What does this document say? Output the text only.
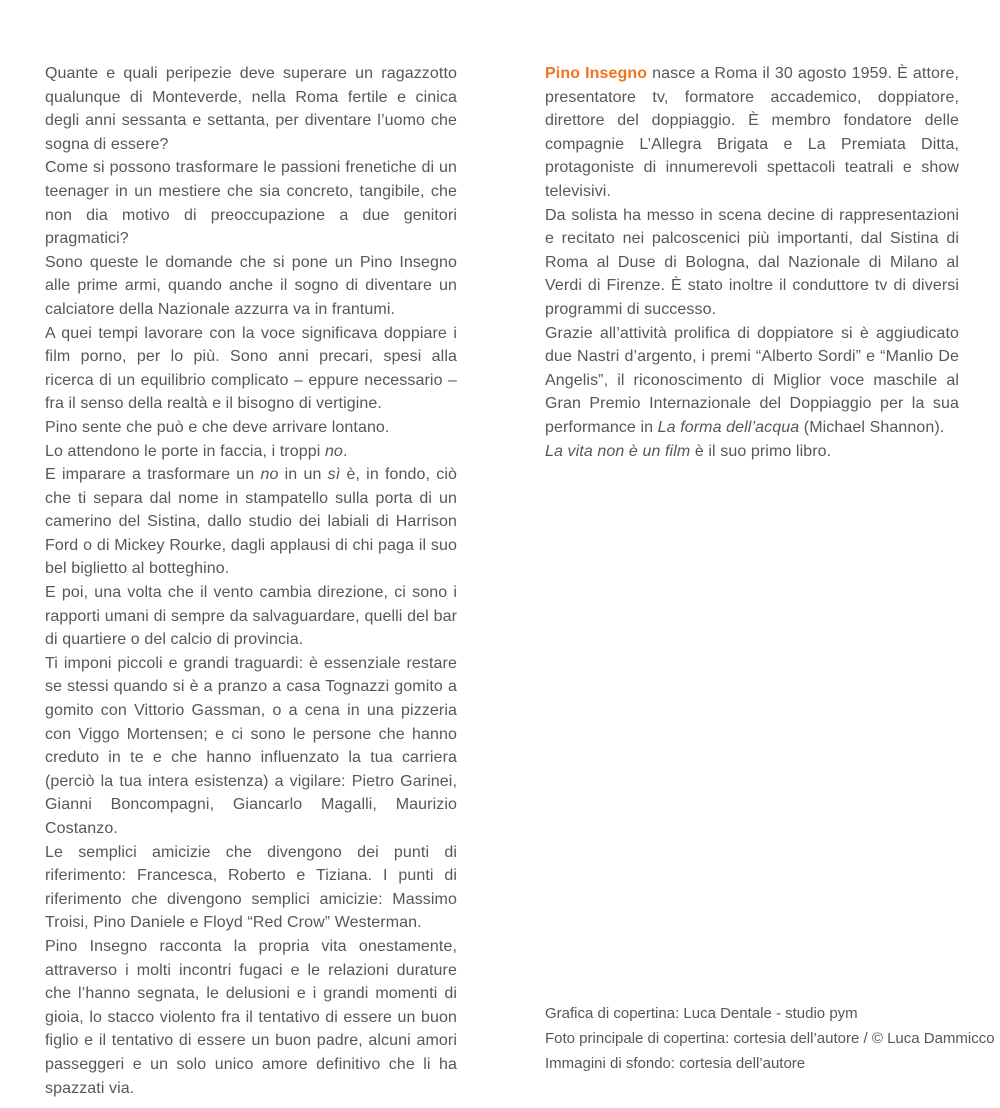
Quante e quali peripezie deve superare un ragazzotto qualunque di Monteverde, nella Roma fertile e cinica degli anni sessanta e settanta, per diventare l’uomo che sogna di essere?

Come si possono trasformare le passioni frenetiche di un teenager in un mestiere che sia concreto, tangibile, che non dia motivo di preoccupazione a due genitori pragmatici?

Sono queste le domande che si pone un Pino Insegno alle prime armi, quando anche il sogno di diventare un calciatore della Nazionale azzurra va in frantumi.

A quei tempi lavorare con la voce significava doppiare i film porno, per lo più. Sono anni precari, spesi alla ricerca di un equilibrio complicato – eppure necessario – fra il senso della realtà e il bisogno di vertigine.

Pino sente che può e che deve arrivare lontano.

Lo attendono le porte in faccia, i troppi no.

E imparare a trasformare un no in un sì è, in fondo, ciò che ti separa dal nome in stampatello sulla porta di un camerino del Sistina, dallo studio dei labiali di Harrison Ford o di Mickey Rourke, dagli applausi di chi paga il suo bel biglietto al botteghino.

E poi, una volta che il vento cambia direzione, ci sono i rapporti umani di sempre da salvaguardare, quelli del bar di quartiere o del calcio di provincia.

Ti imponi piccoli e grandi traguardi: è essenziale restare se stessi quando si è a pranzo a casa Tognazzi gomito a gomito con Vittorio Gassman, o a cena in una pizzeria con Viggo Mortensen; e ci sono le persone che hanno creduto in te e che hanno influenzato la tua carriera (perciò la tua intera esistenza) a vigilare: Pietro Garinei, Gianni Boncompagni, Giancarlo Magalli, Maurizio Costanzo.

Le semplici amicizie che divengono dei punti di riferimento: Francesca, Roberto e Tiziana. I punti di riferimento che divengono semplici amicizie: Massimo Troisi, Pino Daniele e Floyd “Red Crow” Westerman.

Pino Insegno racconta la propria vita onestamente, attraverso i molti incontri fugaci e le relazioni durature che l’hanno segnata, le delusioni e i grandi momenti di gioia, lo stacco violento fra il tentativo di essere un buon figlio e il tentativo di essere un buon padre, alcuni amori passeggeri e un solo unico amore definitivo che li ha spazzati via.

Pino Insegno nasce a Roma il 30 agosto 1959. È attore, presentatore tv, formatore accademico, doppiatore, direttore del doppiaggio. È membro fondatore delle compagnie L’Allegra Brigata e La Premiata Ditta, protagoniste di innumerevoli spettacoli teatrali e show televisivi.

Da solista ha messo in scena decine di rappresentazioni e recitato nei palcoscenici più importanti, dal Sistina di Roma al Duse di Bologna, dal Nazionale di Milano al Verdi di Firenze. È stato inoltre il conduttore tv di diversi programmi di successo.

Grazie all’attività prolifica di doppiatore si è aggiudicato due Nastri d’argento, i premi “Alberto Sordi” e “Manlio De Angelis”, il riconoscimento di Miglior voce maschile al Gran Premio Internazionale del Doppiaggio per la sua performance in La forma dell’acqua (Michael Shannon).

La vita non è un film è il suo primo libro.

Grafica di copertina: Luca Dentale - studio pym
Foto principale di copertina: cortesia dell’autore / © Luca Dammicco
Immagini di sfondo: cortesia dell’autore
